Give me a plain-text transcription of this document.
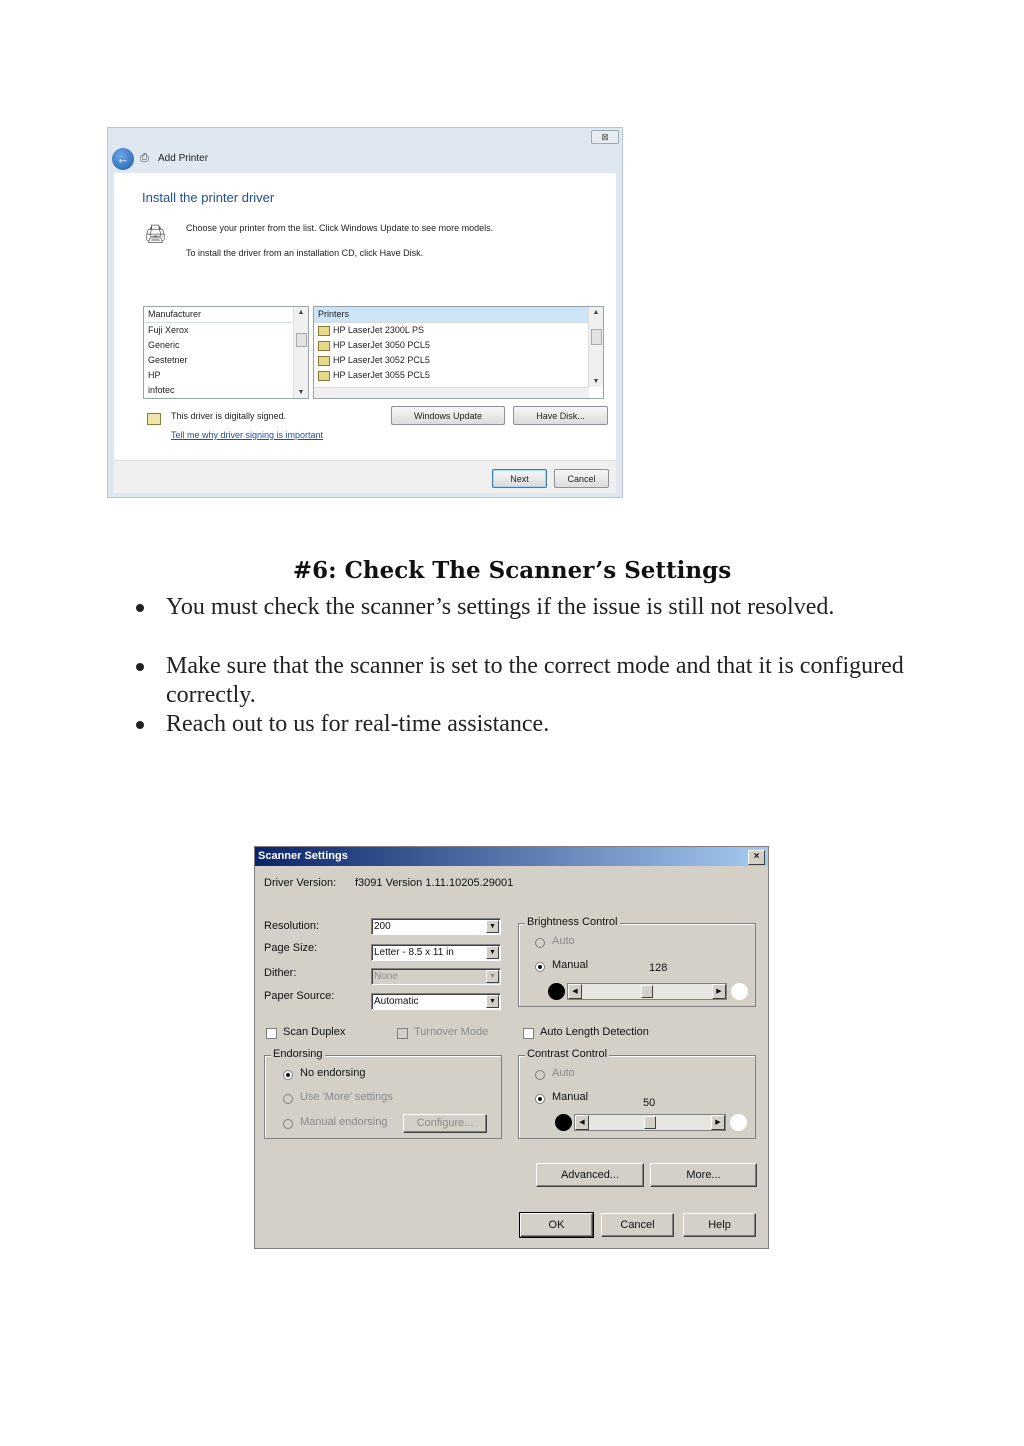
⊠
← ⎙ Add Printer
Install the printer driver
🖨	Choose your printer from the list. Click Windows Update to see more models.
To install the driver from an installation CD, click Have Disk.
Manufacturer
Fuji Xerox
Generic
Gestetner
HP
infotec
▲
▼
Printers
HP LaserJet 2300L PS
HP LaserJet 3050 PCL5
HP LaserJet 3052 PCL5
HP LaserJet 3055 PCL5
▲
▼
This driver is digitally signed.
Tell me why driver signing is important
Windows Update	Have Disk...
Next	Cancel
#6: Check The Scanner’s Settings
You must check the scanner’s settings if the issue is still not resolved.
Make sure that the scanner is set to the correct mode and that it is configured correctly.
Reach out to us for real-time assistance.
Scanner Settings	×
Driver Version: f3091 Version 1.11.10205.29001
Resolution:	200	▼
Page Size:	Letter - 8.5 x 11 in	▼
Dither:	None	▼
Paper Source:	Automatic	▼
Brightness Control
Auto
Manual	128
◀	▶
Scan Duplex	Turnover Mode	Auto Length Detection
Endorsing
No endorsing
Use 'More' settings
Manual endorsing	Configure...
Contrast Control
Auto
Manual	50
◀	▶
Advanced...	More...
OK	Cancel	Help
